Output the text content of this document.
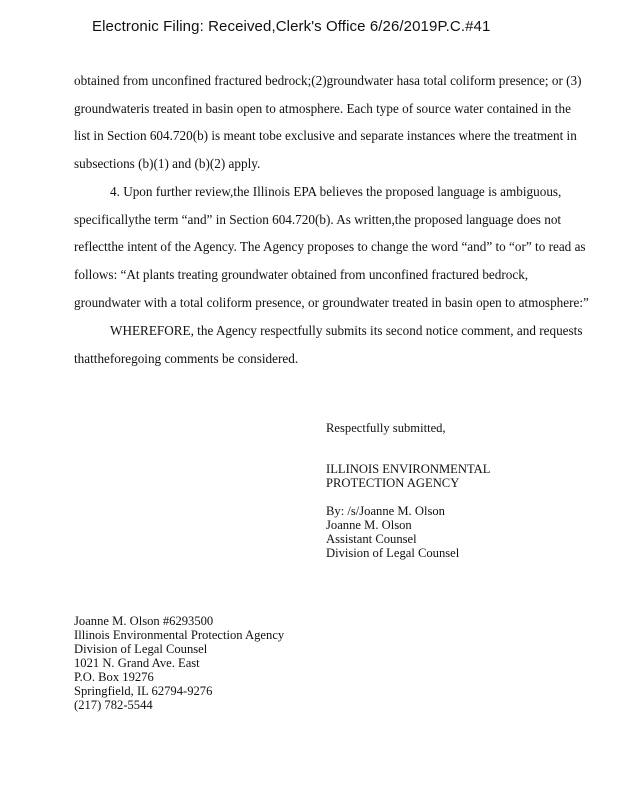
Electronic Filing: Received,Clerk's Office 6/26/2019P.C.#41
obtained from unconfined fractured bedrock;(2)groundwater hasa total coliform presence; or (3)
groundwateris treated in basin open to atmosphere. Each type of source water contained in the
list in Section 604.720(b) is meant tobe exclusive and separate instances where the treatment in
subsections (b)(1) and (b)(2) apply.
4. Upon further review,the Illinois EPA believes the proposed language is ambiguous,
specificallythe term “and” in Section 604.720(b). As written,the proposed language does not
reflectthe intent of the Agency. The Agency proposes to change the word “and” to “or” to read as
follows: “At plants treating groundwater obtained from unconfined fractured bedrock,
groundwater with a total coliform presence, or groundwater treated in basin open to atmosphere:”
WHEREFORE, the Agency respectfully submits its second notice comment, and requests
thattheforegoing comments be considered.
Respectfully submitted,
ILLINOIS ENVIRONMENTAL
PROTECTION AGENCY
By: /s/Joanne M. Olson
Joanne M. Olson
Assistant Counsel
Division of Legal Counsel
Joanne M. Olson #6293500
Illinois Environmental Protection Agency
Division of Legal Counsel
1021 N. Grand Ave. East
P.O. Box 19276
Springfield, IL 62794-9276
(217) 782-5544
